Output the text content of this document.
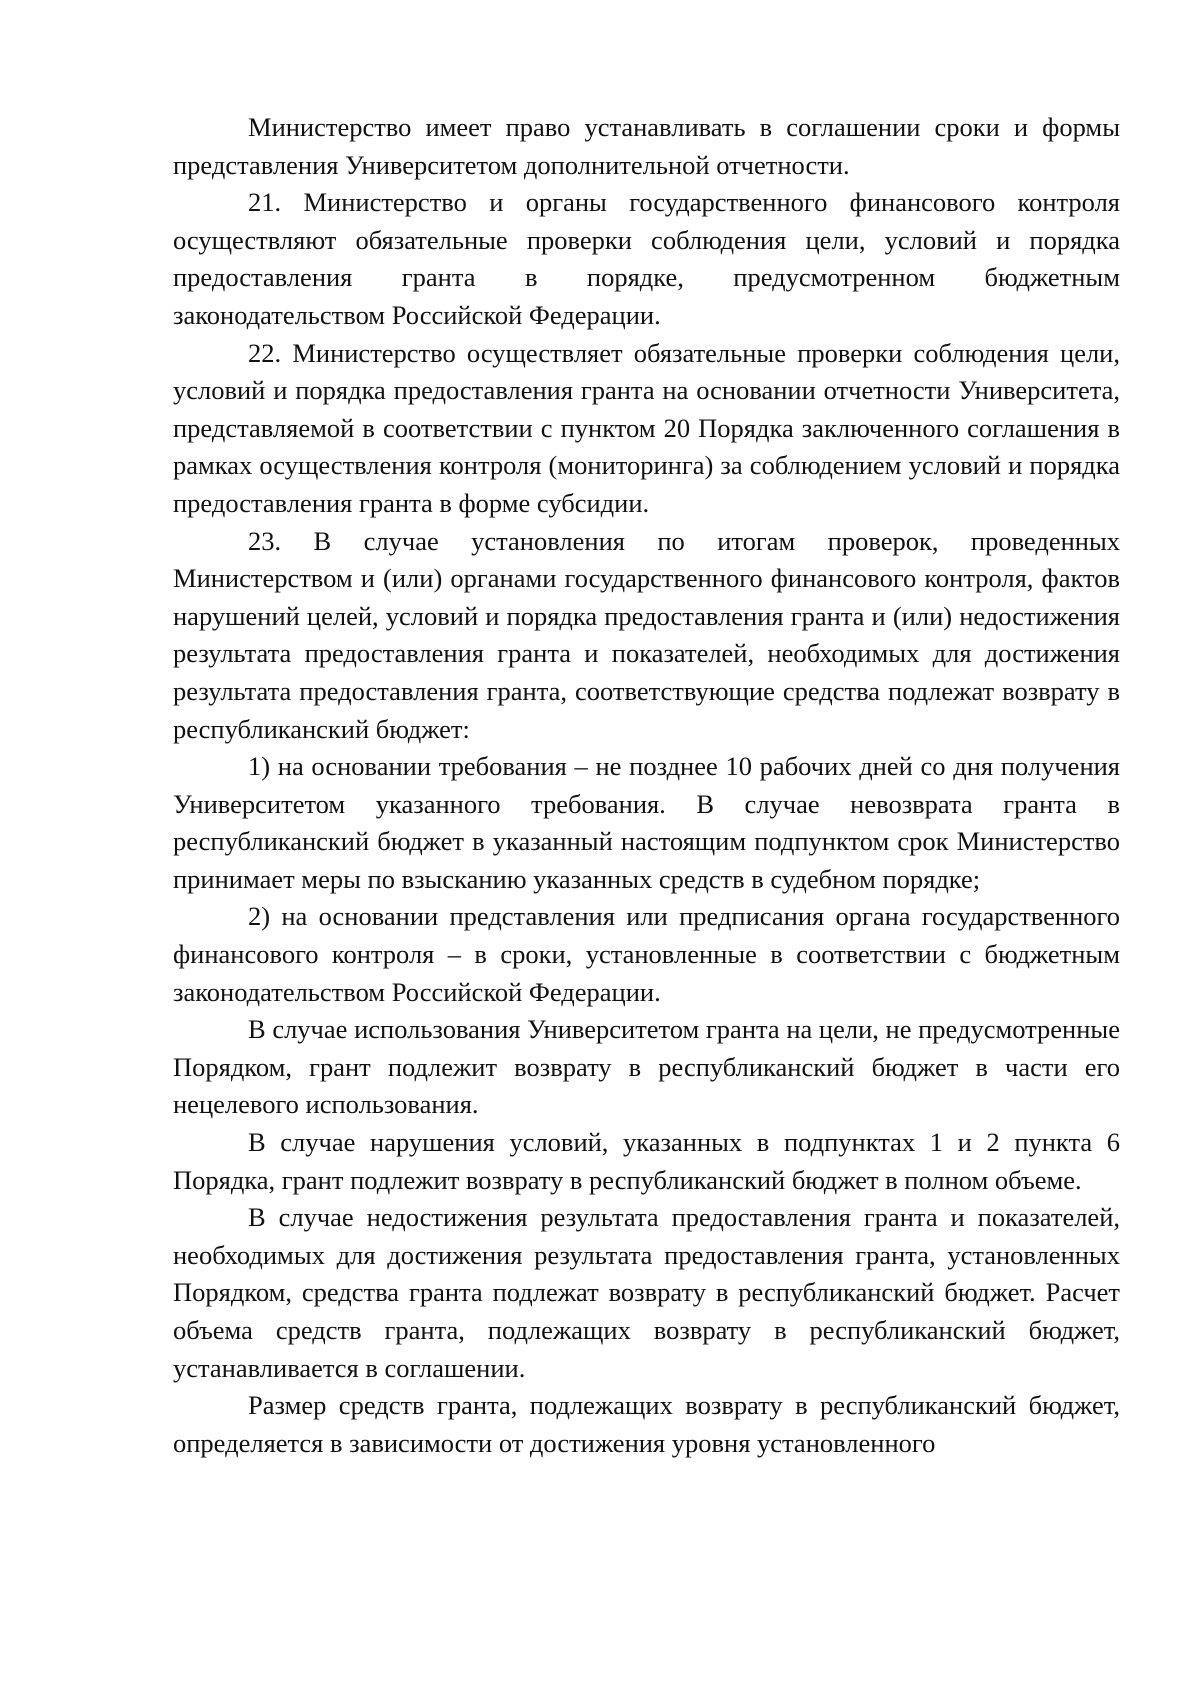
Министерство имеет право устанавливать в соглашении сроки и формы представления Университетом дополнительной отчетности.

21. Министерство и органы государственного финансового контроля осуществляют обязательные проверки соблюдения цели, условий и порядка предоставления гранта в порядке, предусмотренном бюджетным законодательством Российской Федерации.

22. Министерство осуществляет обязательные проверки соблюдения цели, условий и порядка предоставления гранта на основании отчетности Университета, представляемой в соответствии с пунктом 20 Порядка заключенного соглашения в рамках осуществления контроля (мониторинга) за соблюдением условий и порядка предоставления гранта в форме субсидии.

23. В случае установления по итогам проверок, проведенных Министерством и (или) органами государственного финансового контроля, фактов нарушений целей, условий и порядка предоставления гранта и (или) недостижения результата предоставления гранта и показателей, необходимых для достижения результата предоставления гранта, соответствующие средства подлежат возврату в республиканский бюджет:

1) на основании требования – не позднее 10 рабочих дней со дня получения Университетом указанного требования. В случае невозврата гранта в республиканский бюджет в указанный настоящим подпунктом срок Министерство принимает меры по взысканию указанных средств в судебном порядке;

2) на основании представления или предписания органа государственного финансового контроля – в сроки, установленные в соответствии с бюджетным законодательством Российской Федерации.

В случае использования Университетом гранта на цели, не предусмотренные Порядком, грант подлежит возврату в республиканский бюджет в части его нецелевого использования.

В случае нарушения условий, указанных в подпунктах 1 и 2 пункта 6 Порядка, грант подлежит возврату в республиканский бюджет в полном объеме.

В случае недостижения результата предоставления гранта и показателей, необходимых для достижения результата предоставления гранта, установленных Порядком, средства гранта подлежат возврату в республиканский бюджет. Расчет объема средств гранта, подлежащих возврату в республиканский бюджет, устанавливается в соглашении.

Размер средств гранта, подлежащих возврату в республиканский бюджет, определяется в зависимости от достижения уровня установленного
